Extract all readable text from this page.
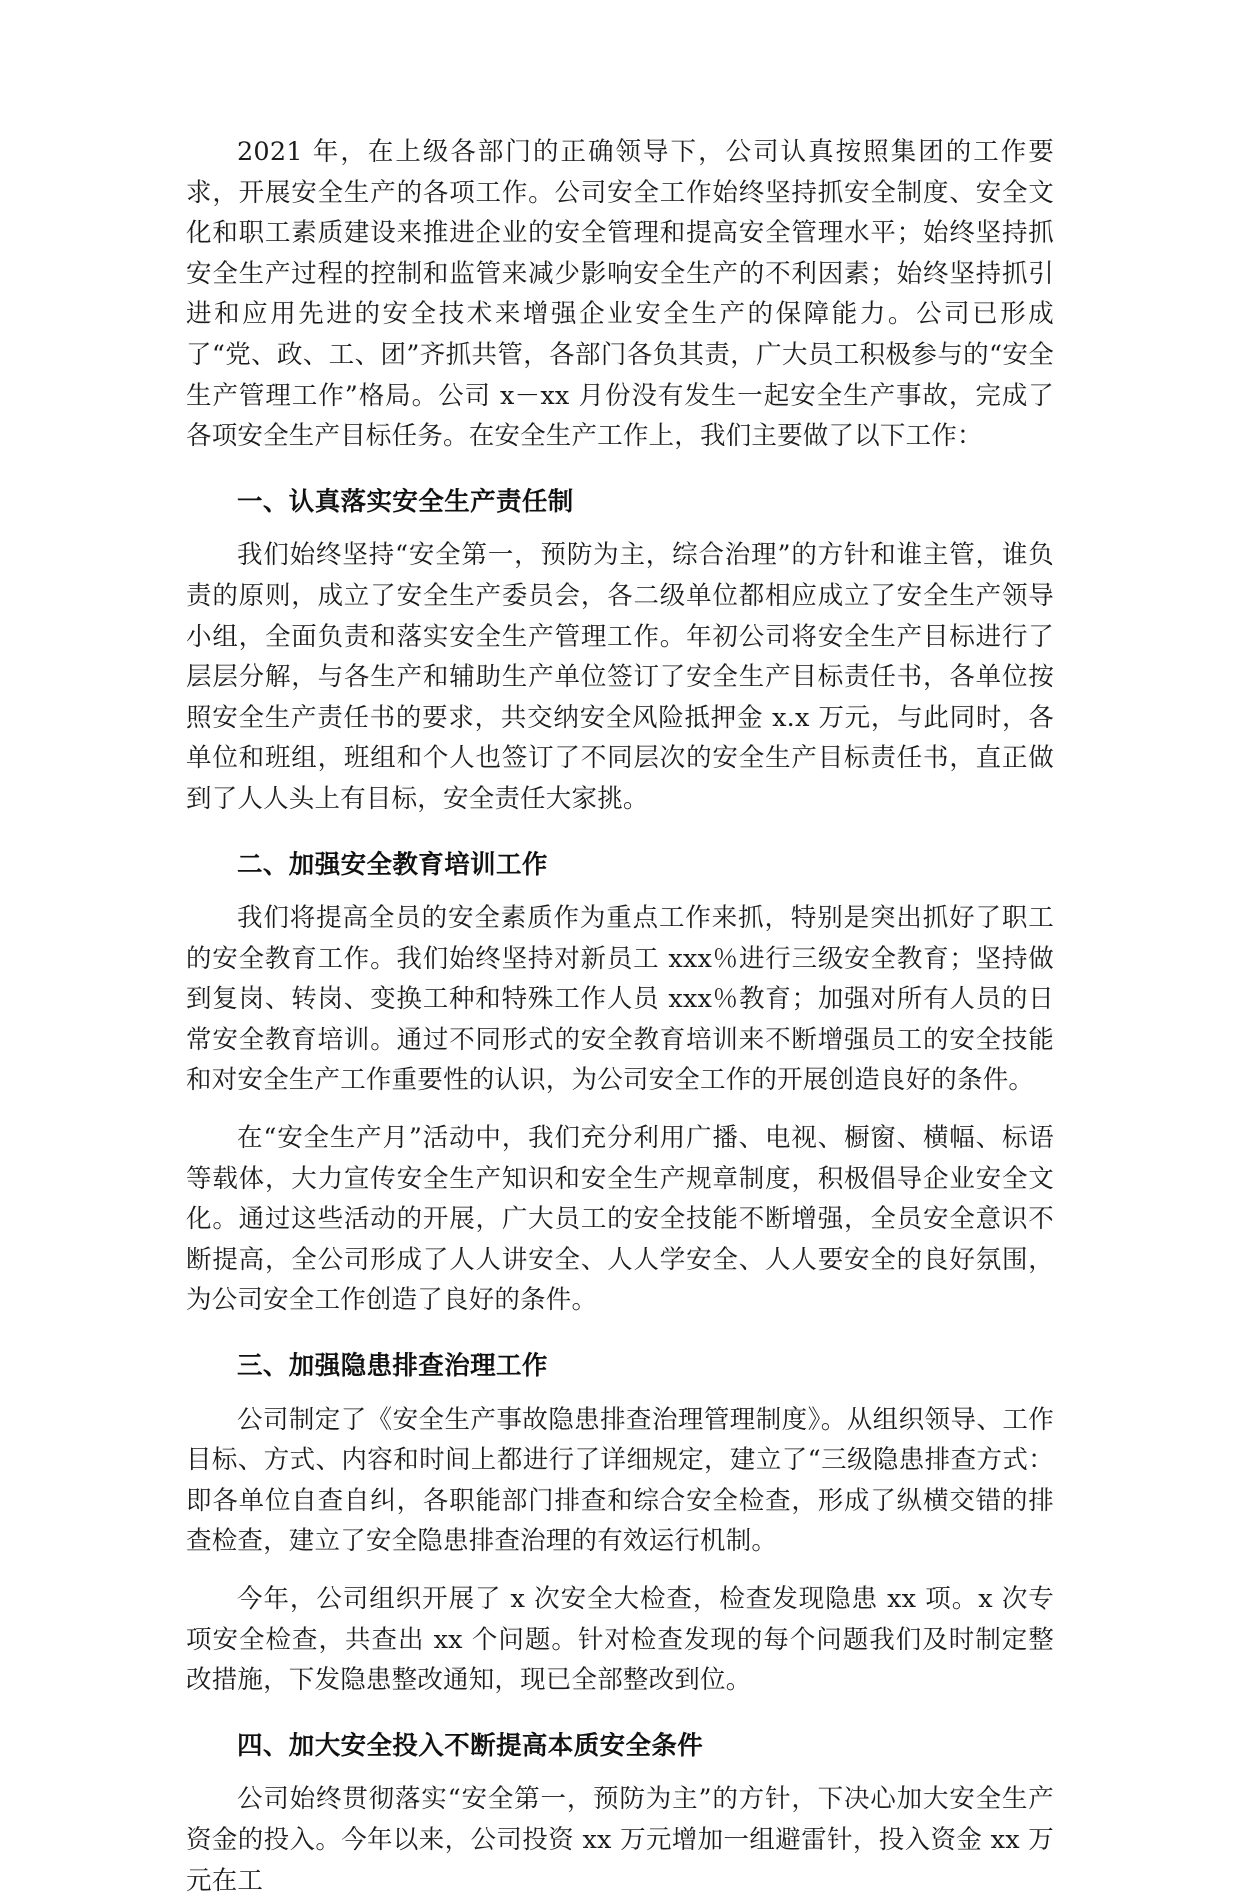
2021 年，在上级各部门的正确领导下，公司认真按照集团的工作要求，开展安全生产的各项工作。公司安全工作始终坚持抓安全制度、安全文化和职工素质建设来推进企业的安全管理和提高安全管理水平；始终坚持抓安全生产过程的控制和监管来减少影响安全生产的不利因素；始终坚持抓引进和应用先进的安全技术来增强企业安全生产的保障能力。公司已形成了“党、政、工、团”齐抓共管，各部门各负其责，广大员工积极参与的“安全生产管理工作”格局。公司 x－xx 月份没有发生一起安全生产事故，完成了各项安全生产目标任务。在安全生产工作上，我们主要做了以下工作：

一、认真落实安全生产责任制

我们始终坚持“安全第一，预防为主，综合治理”的方针和谁主管，谁负责的原则，成立了安全生产委员会，各二级单位都相应成立了安全生产领导小组，全面负责和落实安全生产管理工作。年初公司将安全生产目标进行了层层分解，与各生产和辅助生产单位签订了安全生产目标责任书，各单位按照安全生产责任书的要求，共交纳安全风险抵押金 x.x 万元，与此同时，各单位和班组，班组和个人也签订了不同层次的安全生产目标责任书，直正做到了人人头上有目标，安全责任大家挑。

二、加强安全教育培训工作

我们将提高全员的安全素质作为重点工作来抓，特别是突出抓好了职工的安全教育工作。我们始终坚持对新员工 xxx％进行三级安全教育；坚持做到复岗、转岗、变换工种和特殊工作人员 xxx％教育；加强对所有人员的日常安全教育培训。通过不同形式的安全教育培训来不断增强员工的安全技能和对安全生产工作重要性的认识，为公司安全工作的开展创造良好的条件。

在“安全生产月”活动中，我们充分利用广播、电视、橱窗、横幅、标语等载体，大力宣传安全生产知识和安全生产规章制度，积极倡导企业安全文化。通过这些活动的开展，广大员工的安全技能不断增强，全员安全意识不断提高，全公司形成了人人讲安全、人人学安全、人人要安全的良好氛围，为公司安全工作创造了良好的条件。

三、加强隐患排查治理工作

公司制定了《安全生产事故隐患排查治理管理制度》。从组织领导、工作目标、方式、内容和时间上都进行了详细规定，建立了“三级隐患排查方式：即各单位自查自纠，各职能部门排查和综合安全检查，形成了纵横交错的排查检查，建立了安全隐患排查治理的有效运行机制。

今年，公司组织开展了 x 次安全大检查，检查发现隐患 xx 项。x 次专项安全检查，共查出 xx 个问题。针对检查发现的每个问题我们及时制定整改措施，下发隐患整改通知，现已全部整改到位。

四、加大安全投入不断提高本质安全条件

公司始终贯彻落实“安全第一，预防为主”的方针，下决心加大安全生产资金的投入。今年以来，公司投资 xx 万元增加一组避雷针，投入资金 xx 万元在工
